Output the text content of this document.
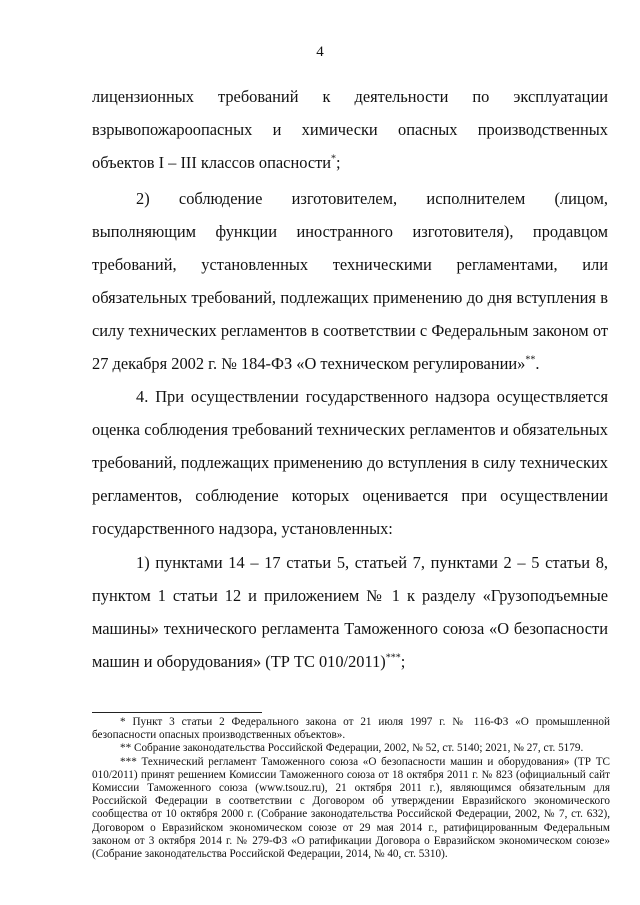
4

лицензионных требований к деятельности по эксплуатации взрывопожароопасных и химически опасных производственных объектов I – III классов опасности*;

2) соблюдение изготовителем, исполнителем (лицом, выполняющим функции иностранного изготовителя), продавцом требований, установленных техническими регламентами, или обязательных требований, подлежащих применению до дня вступления в силу технических регламентов в соответствии с Федеральным законом от 27 декабря 2002 г. № 184-ФЗ «О техническом регулировании»**.

4. При осуществлении государственного надзора осуществляется оценка соблюдения требований технических регламентов и обязательных требований, подлежащих применению до вступления в силу технических регламентов, соблюдение которых оценивается при осуществлении государственного надзора, установленных:

1) пунктами 14 – 17 статьи 5, статьей 7, пунктами 2 – 5 статьи 8, пунктом 1 статьи 12 и приложением № 1 к разделу «Грузоподъемные машины» технического регламента Таможенного союза «О безопасности машин и оборудования» (ТР ТС 010/2011)***;

* Пункт 3 статьи 2 Федерального закона от 21 июля 1997 г. № 116-ФЗ «О промышленной безопасности опасных производственных объектов».

** Собрание законодательства Российской Федерации, 2002, № 52, ст. 5140; 2021, № 27, ст. 5179.

*** Технический регламент Таможенного союза «О безопасности машин и оборудования» (ТР ТС 010/2011) принят решением Комиссии Таможенного союза от 18 октября 2011 г. № 823 (официальный сайт Комиссии Таможенного союза (www.tsouz.ru), 21 октября 2011 г.), являющимся обязательным для Российской Федерации в соответствии с Договором об утверждении Евразийского экономического сообщества от 10 октября 2000 г. (Собрание законодательства Российской Федерации, 2002, № 7, ст. 632), Договором о Евразийском экономическом союзе от 29 мая 2014 г., ратифицированным Федеральным законом от 3 октября 2014 г. № 279-ФЗ «О ратификации Договора о Евразийском экономическом союзе» (Собрание законодательства Российской Федерации, 2014, № 40, ст. 5310).
